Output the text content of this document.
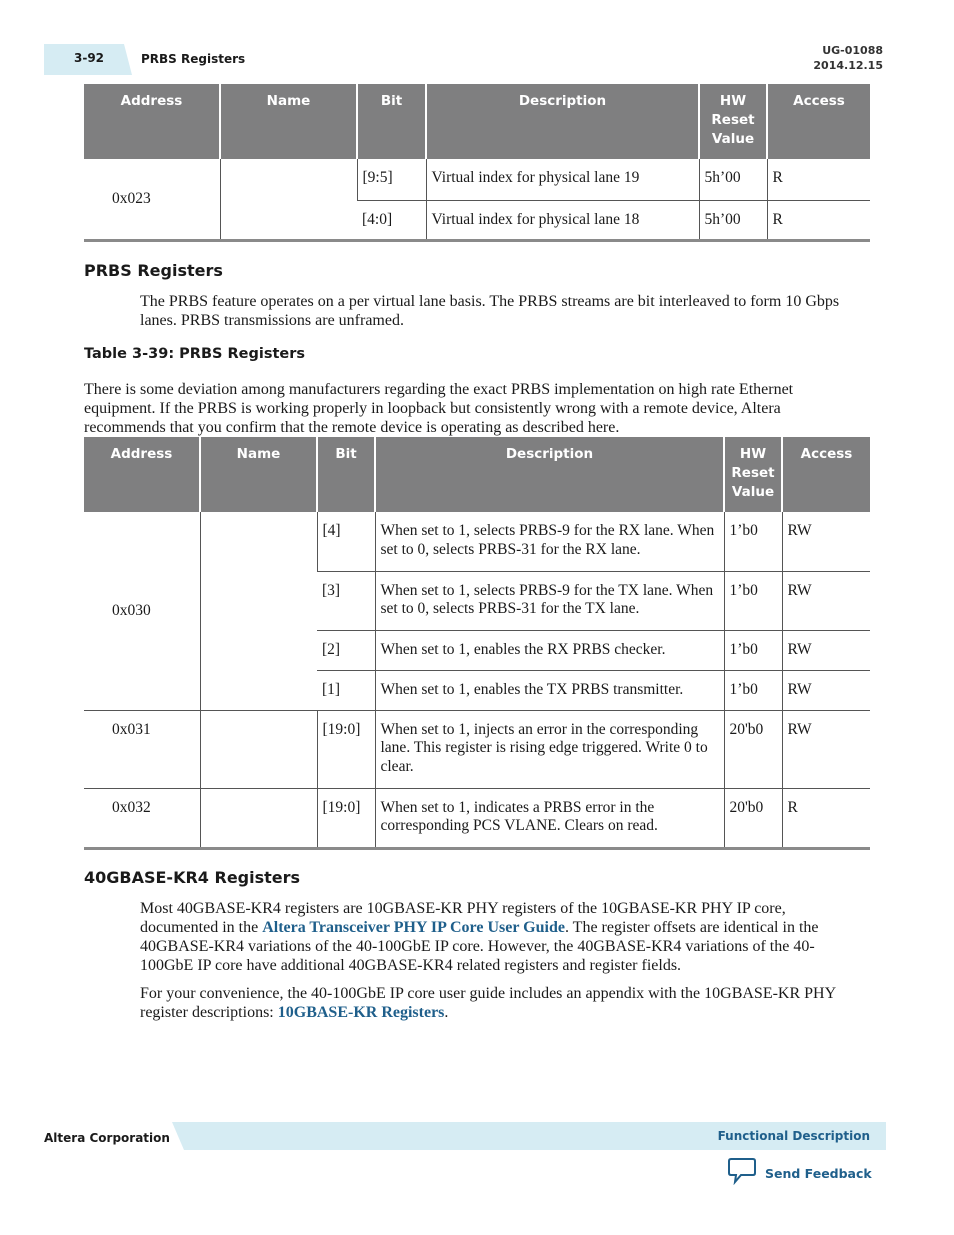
3-92	PRBS Registers
UG-01088
2014.12.15
Address	Name	Bit	Description	HW Reset Value	Access
0x023		[9:5]	Virtual index for physical lane 19	5h’00	R
		[4:0]	Virtual index for physical lane 18	5h’00	R
PRBS Registers
The PRBS feature operates on a per virtual lane basis. The PRBS streams are bit interleaved to form 10 Gbps lanes. PRBS transmissions are unframed.
Table 3-39: PRBS Registers
There is some deviation among manufacturers regarding the exact PRBS implementation on high rate Ethernet equipment. If the PRBS is working properly in loopback but consistently wrong with a remote device, Altera recommends that you confirm that the remote device is operating as described here.
Address	Name	Bit	Description	HW Reset Value	Access
0x030		[4]	When set to 1, selects PRBS-9 for the RX lane. When set to 0, selects PRBS-31 for the RX lane.	1’b0	RW
		[3]	When set to 1, selects PRBS-9 for the TX lane. When set to 0, selects PRBS-31 for the TX lane.	1’b0	RW
		[2]	When set to 1, enables the RX PRBS checker.	1’b0	RW
		[1]	When set to 1, enables the TX PRBS transmitter.	1’b0	RW
0x031		[19:0]	When set to 1, injects an error in the corresponding lane. This register is rising edge triggered. Write 0 to clear.	20'b0	RW
0x032		[19:0]	When set to 1, indicates a PRBS error in the corresponding PCS VLANE. Clears on read.	20'b0	R
40GBASE-KR4 Registers
Most 40GBASE-KR4 registers are 10GBASE-KR PHY registers of the 10GBASE-KR PHY IP core, documented in the Altera Transceiver PHY IP Core User Guide. The register offsets are identical in the 40GBASE-KR4 variations of the 40-100GbE IP core. However, the 40GBASE-KR4 variations of the 40-100GbE IP core have additional 40GBASE-KR4 related registers and register fields.
For your convenience, the 40-100GbE IP core user guide includes an appendix with the 10GBASE-KR PHY register descriptions: 10GBASE-KR Registers.
Altera Corporation	Functional Description
Send Feedback
